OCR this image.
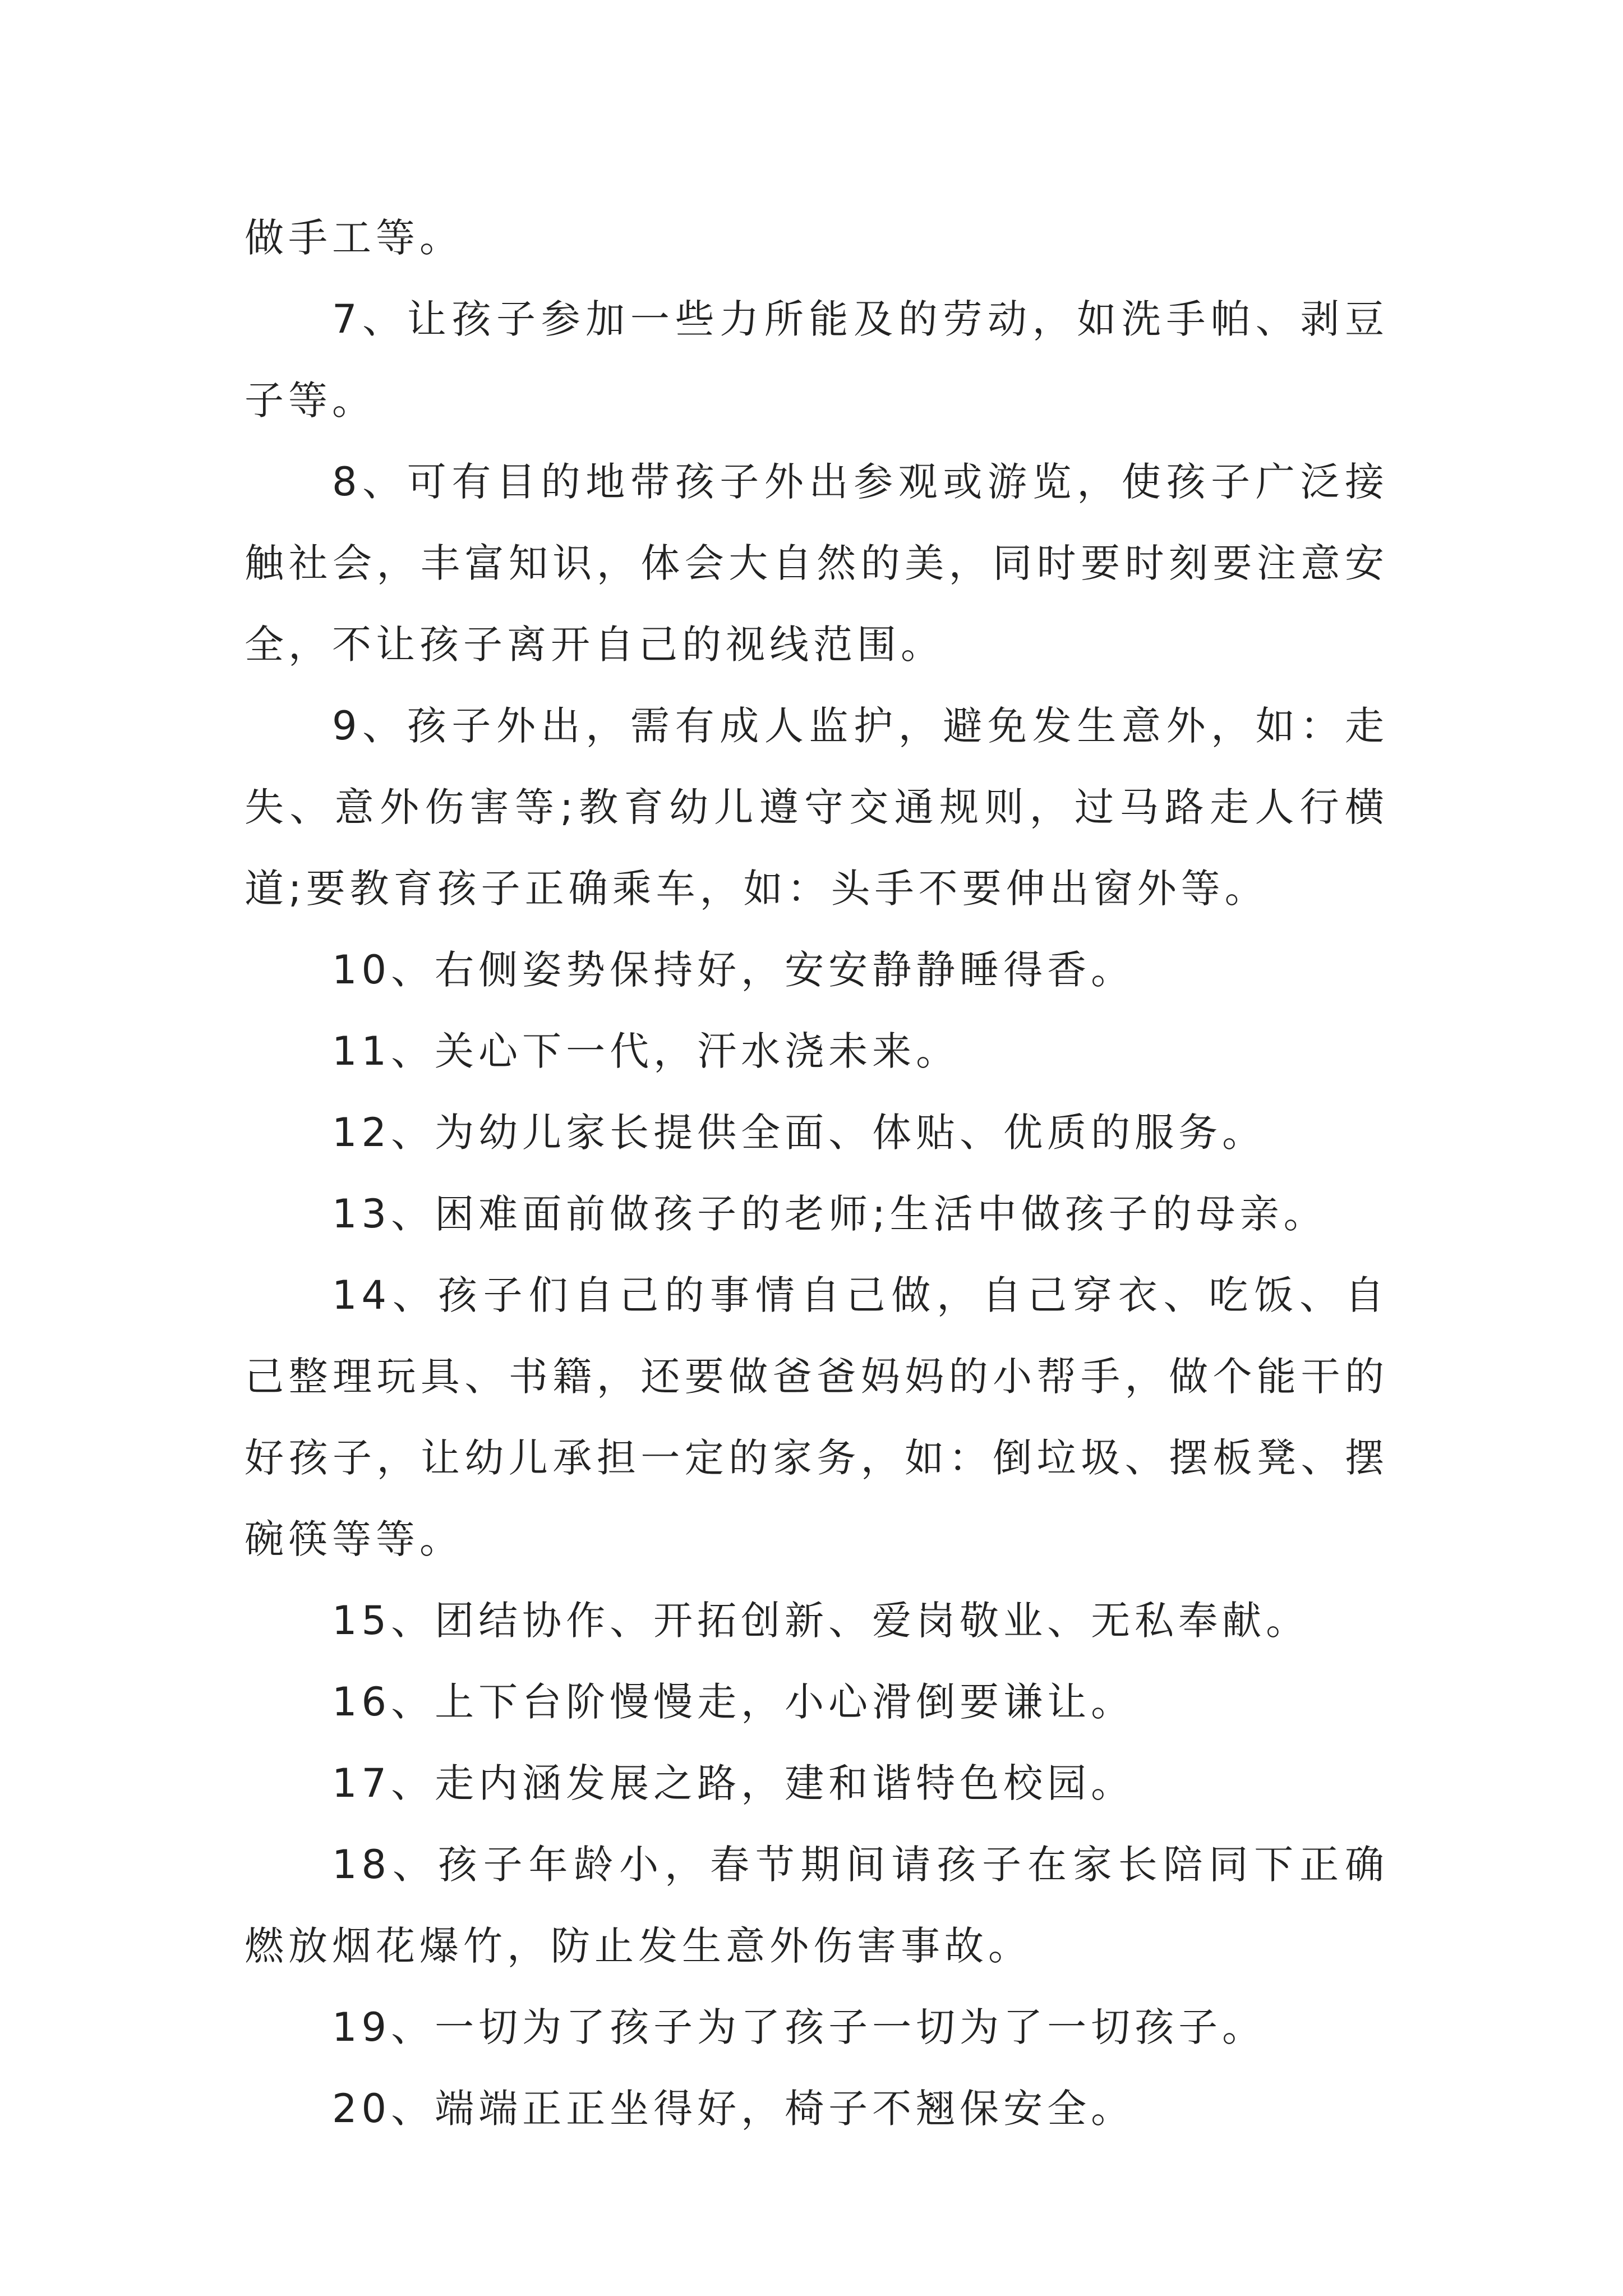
做手工等。

7、让孩子参加一些力所能及的劳动，如洗手帕、剥豆子等。

8、可有目的地带孩子外出参观或游览，使孩子广泛接触社会，丰富知识，体会大自然的美，同时要时刻要注意安全，不让孩子离开自己的视线范围。

9、孩子外出，需有成人监护，避免发生意外，如：走失、意外伤害等;教育幼儿遵守交通规则，过马路走人行横道;要教育孩子正确乘车，如：头手不要伸出窗外等。

10、右侧姿势保持好，安安静静睡得香。

11、关心下一代，汗水浇未来。

12、为幼儿家长提供全面、体贴、优质的服务。

13、困难面前做孩子的老师;生活中做孩子的母亲。

14、孩子们自己的事情自己做，自己穿衣、吃饭、自己整理玩具、书籍，还要做爸爸妈妈的小帮手，做个能干的好孩子，让幼儿承担一定的家务，如：倒垃圾、摆板凳、摆碗筷等等。

15、团结协作、开拓创新、爱岗敬业、无私奉献。

16、上下台阶慢慢走，小心滑倒要谦让。

17、走内涵发展之路，建和谐特色校园。

18、孩子年龄小，春节期间请孩子在家长陪同下正确燃放烟花爆竹，防止发生意外伤害事故。

19、一切为了孩子为了孩子一切为了一切孩子。

20、端端正正坐得好，椅子不翘保安全。
